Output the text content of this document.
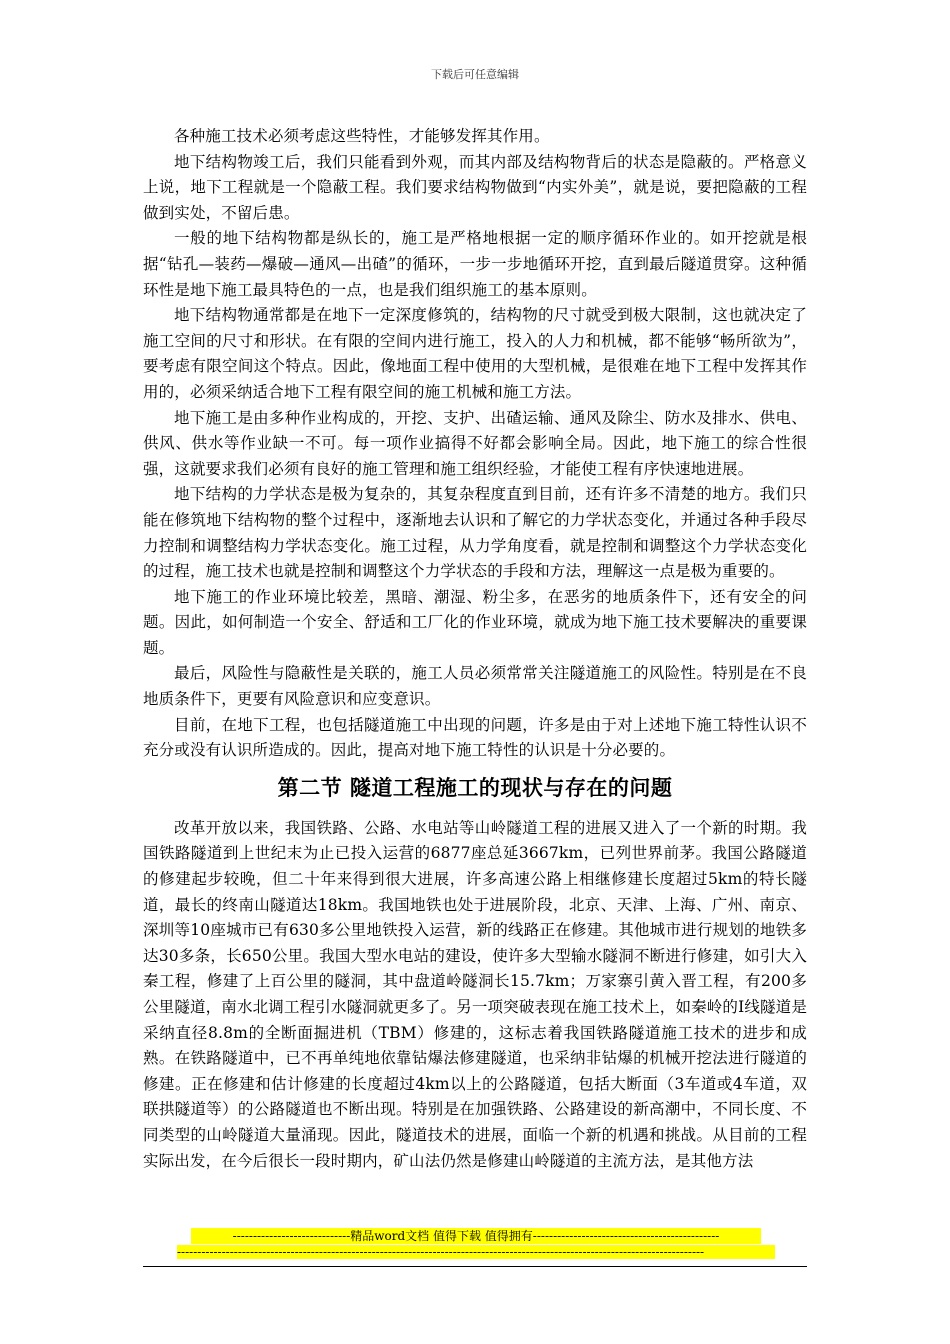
下载后可任意编辑

各种施工技术必须考虑这些特性，才能够发挥其作用。

地下结构物竣工后，我们只能看到外观，而其内部及结构物背后的状态是隐蔽的。严格意义上说，地下工程就是一个隐蔽工程。我们要求结构物做到“内实外美”，就是说，要把隐蔽的工程做到实处，不留后患。

一般的地下结构物都是纵长的，施工是严格地根据一定的顺序循环作业的。如开挖就是根据“钻孔—装药—爆破—通风—出碴”的循环，一步一步地循环开挖，直到最后隧道贯穿。这种循环性是地下施工最具特色的一点，也是我们组织施工的基本原则。

地下结构物通常都是在地下一定深度修筑的，结构物的尺寸就受到极大限制，这也就决定了施工空间的尺寸和形状。在有限的空间内进行施工，投入的人力和机械，都不能够“畅所欲为”，要考虑有限空间这个特点。因此，像地面工程中使用的大型机械，是很难在地下工程中发挥其作用的，必须采纳适合地下工程有限空间的施工机械和施工方法。

地下施工是由多种作业构成的，开挖、支护、出碴运输、通风及除尘、防水及排水、供电、供风、供水等作业缺一不可。每一项作业搞得不好都会影响全局。因此，地下施工的综合性很强，这就要求我们必须有良好的施工管理和施工组织经验，才能使工程有序快速地进展。

地下结构的力学状态是极为复杂的，其复杂程度直到目前，还有许多不清楚的地方。我们只能在修筑地下结构物的整个过程中，逐渐地去认识和了解它的力学状态变化，并通过各种手段尽力控制和调整结构力学状态变化。施工过程，从力学角度看，就是控制和调整这个力学状态变化的过程，施工技术也就是控制和调整这个力学状态的手段和方法，理解这一点是极为重要的。

地下施工的作业环境比较差，黑暗、潮湿、粉尘多，在恶劣的地质条件下，还有安全的问题。因此，如何制造一个安全、舒适和工厂化的作业环境，就成为地下施工技术要解决的重要课题。

最后，风险性与隐蔽性是关联的，施工人员必须常常关注隧道施工的风险性。特别是在不良地质条件下，更要有风险意识和应变意识。

目前，在地下工程，也包括隧道施工中出现的问题，许多是由于对上述地下施工特性认识不充分或没有认识所造成的。因此，提高对地下施工特性的认识是十分必要的。

第二节 隧道工程施工的现状与存在的问题

改革开放以来，我国铁路、公路、水电站等山岭隧道工程的进展又进入了一个新的时期。我国铁路隧道到上世纪末为止已投入运营的6877座总延3667km，已列世界前茅。我国公路隧道的修建起步较晚，但二十年来得到很大进展，许多高速公路上相继修建长度超过5km的特长隧道，最长的终南山隧道达18km。我国地铁也处于进展阶段，北京、天津、上海、广州、南京、深圳等10座城市已有630多公里地铁投入运营，新的线路正在修建。其他城市进行规划的地铁多达30多条，长650公里。我国大型水电站的建设，使许多大型输水隧洞不断进行修建，如引大入秦工程，修建了上百公里的隧洞，其中盘道岭隧洞长15.7km；万家寨引黄入晋工程，有200多公里隧道，南水北调工程引水隧洞就更多了。另一项突破表现在施工技术上，如秦岭的I线隧道是采纳直径8.8m的全断面掘进机（TBM）修建的，这标志着我国铁路隧道施工技术的进步和成熟。在铁路隧道中，已不再单纯地依靠钻爆法修建隧道，也采纳非钻爆的机械开挖法进行隧道的修建。正在修建和估计修建的长度超过4km以上的公路隧道，包括大断面（3车道或4车道，双联拱隧道等）的公路隧道也不断出现。特别是在加强铁路、公路建设的新高潮中，不同长度、不同类型的山岭隧道大量涌现。因此，隧道技术的进展，面临一个新的机遇和挑战。从目前的工程实际出发，在今后很长一段时期内，矿山法仍然是修建山岭隧道的主流方法，是其他方法

-----------------------------精品word文档 值得下载 值得拥有----------------------------------------------
----------------------------------------------------------------------------------------------------------------------------------
